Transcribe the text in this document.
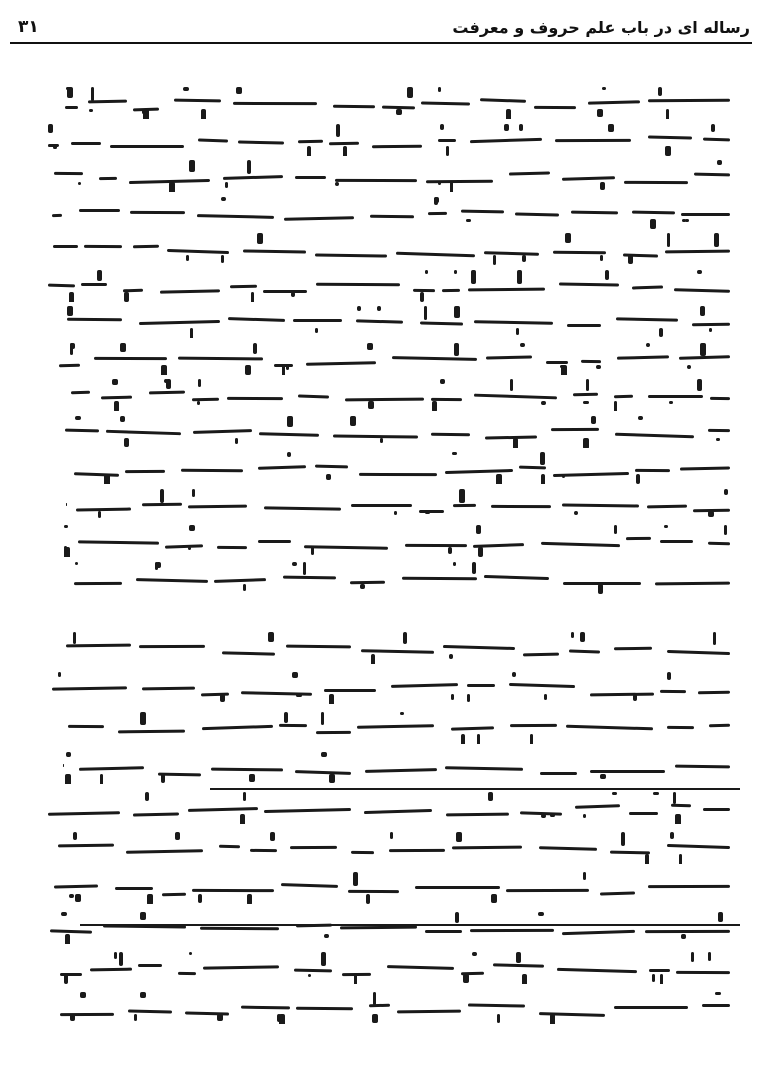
رساله ای در باب علم حروف و معرفت
۳۱
